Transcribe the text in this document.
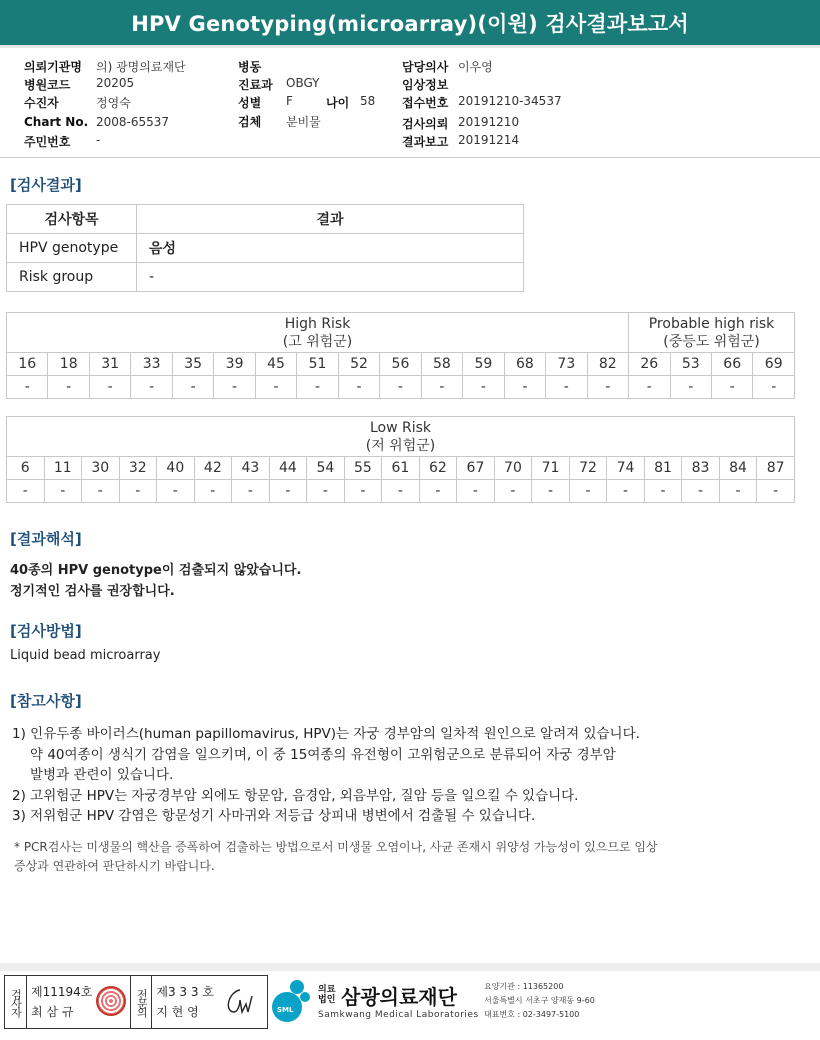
HPV Genotyping(microarray)(이원) 검사결과보고서
의뢰기관명 의) 광명의료재단
병원코드 20205
수진자	정영숙
Chart No. 2008-65537
주민번호 -
병동
진료과 OBGY
성별 F	나이 58
검체 분비물
담당의사 이우영
임상정보
접수번호 20191210-34537
검사의뢰 20191210
결과보고 20191214
[검사결과]
검사항목	결과
HPV genotype	음성
Risk group	-
High Risk
(고 위험군)															Probable high risk
(중등도 위험군)			
16	18	31	33	35	39	45	51	52	56	58	59	68	73	82	26	53	66	69
-	-	-	-	-	-	-	-	-	-	-	-	-	-	-	-	-	-	-
Low Risk
(저 위험군)																				
6	11	30	32	40	42	43	44	54	55	61	62	67	70	71	72	74	81	83	84	87
-	-	-	-	-	-	-	-	-	-	-	-	-	-	-	-	-	-	-	-	-
[결과해석]
40종의 HPV genotype이 검출되지 않았습니다.
정기적인 검사를 권장합니다.
[검사방법]
Liquid bead microarray
[참고사항]
1) 인유두종 바이러스(human papillomavirus, HPV)는 자궁 경부암의 일차적 원인으로 알려져 있습니다.
약 40여종이 생식기 감염을 일으키며, 이 중 15여종의 유전형이 고위험군으로 분류되어 자궁 경부암
발병과 관련이 있습니다.
2) 고위험군 HPV는 자궁경부암 외에도 항문암, 음경암, 외음부암, 질암 등을 일으킬 수 있습니다.
3) 저위험군 HPV 감염은 항문성기 사마귀와 저등급 상피내 병변에서 검출될 수 있습니다.
* PCR검사는 미생물의 핵산을 증폭하여 검출하는 방법으로서 미생물 오염이나, 사균 존재시 위양성 가능성이 있으므로 임상
증상과 연관하여 판단하시기 바랍니다.
검사자 제11194호
최 삼 규	전문의 제3 3 3 호
지 현 영	SML
의료법인 삼광의료재단
Samkwang Medical Laboratories
요양기관 : 11365200
서울특별시 서초구 양재동 9-60
대표번호 : 02-3497-5100
